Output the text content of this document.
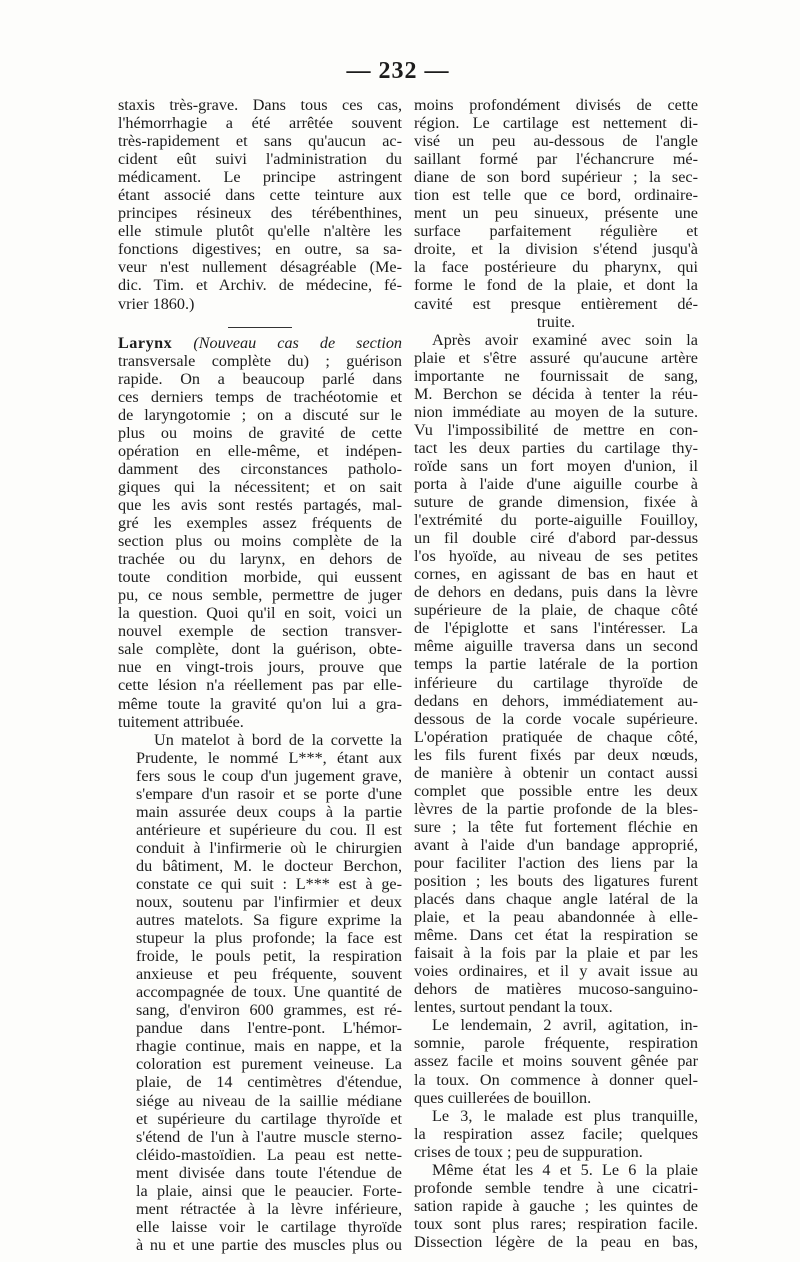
— 232 —

staxis très-grave. Dans tous ces cas,
l'hémorrhagie a été arrêtée souvent
très-rapidement et sans qu'aucun ac-
cident eût suivi l'administration du
médicament. Le principe astringent
étant associé dans cette teinture aux
principes résineux des térébenthines,
elle stimule plutôt qu'elle n'altère les
fonctions digestives; en outre, sa sa-
veur n'est nullement désagréable (Me-
dic. Tim. et Archiv. de médecine, fé-
vrier 1860.)

Larynx (Nouveau cas de section
transversale complète du) ; guérison
rapide. On a beaucoup parlé dans
ces derniers temps de trachéotomie et
de laryngotomie ; on a discuté sur le
plus ou moins de gravité de cette
opération en elle-même, et indépen-
damment des circonstances patholo-
giques qui la nécessitent; et on sait
que les avis sont restés partagés, mal-
gré les exemples assez fréquents de
section plus ou moins complète de la
trachée ou du larynx, en dehors de
toute condition morbide, qui eussent
pu, ce nous semble, permettre de juger
la question. Quoi qu'il en soit, voici un
nouvel exemple de section transver-
sale complète, dont la guérison, obte-
nue en vingt-trois jours, prouve que
cette lésion n'a réellement pas par elle-
même toute la gravité qu'on lui a gra-
tuitement attribuée.

Un matelot à bord de la corvette la
Prudente, le nommé L***, étant aux
fers sous le coup d'un jugement grave,
s'empare d'un rasoir et se porte d'une
main assurée deux coups à la partie
antérieure et supérieure du cou. Il est
conduit à l'infirmerie où le chirurgien
du bâtiment, M. le docteur Berchon,
constate ce qui suit : L*** est à ge-
noux, soutenu par l'infirmier et deux
autres matelots. Sa figure exprime la
stupeur la plus profonde; la face est
froide, le pouls petit, la respiration
anxieuse et peu fréquente, souvent
accompagnée de toux. Une quantité de
sang, d'environ 600 grammes, est ré-
pandue dans l'entre-pont. L'hémor-
rhagie continue, mais en nappe, et la
coloration est purement veineuse. La
plaie, de 14 centimètres d'étendue,
siége au niveau de la saillie médiane
et supérieure du cartilage thyroïde et
s'étend de l'un à l'autre muscle sterno-
cléido-mastoïdien. La peau est nette-
ment divisée dans toute l'étendue de
la plaie, ainsi que le peaucier. Forte-
ment rétractée à la lèvre inférieure,
elle laisse voir le cartilage thyroïde
à nu et une partie des muscles plus ou

moins profondément divisés de cette
région. Le cartilage est nettement di-
visé un peu au-dessous de l'angle
saillant formé par l'échancrure mé-
diane de son bord supérieur ; la sec-
tion est telle que ce bord, ordinaire-
ment un peu sinueux, présente une
surface parfaitement régulière et
droite, et la division s'étend jusqu'à
la face postérieure du pharynx, qui
forme le fond de la plaie, et dont la
cavité est presque entièrement dé-
truite.

Après avoir examiné avec soin la
plaie et s'être assuré qu'aucune artère
importante ne fournissait de sang,
M. Berchon se décida à tenter la réu-
nion immédiate au moyen de la suture.
Vu l'impossibilité de mettre en con-
tact les deux parties du cartilage thy-
roïde sans un fort moyen d'union, il
porta à l'aide d'une aiguille courbe à
suture de grande dimension, fixée à
l'extrémité du porte-aiguille Fouilloy,
un fil double ciré d'abord par-dessus
l'os hyoïde, au niveau de ses petites
cornes, en agissant de bas en haut et
de dehors en dedans, puis dans la lèvre
supérieure de la plaie, de chaque côté
de l'épiglotte et sans l'intéresser. La
même aiguille traversa dans un second
temps la partie latérale de la portion
inférieure du cartilage thyroïde de
dedans en dehors, immédiatement au-
dessous de la corde vocale supérieure.
L'opération pratiquée de chaque côté,
les fils furent fixés par deux nœuds,
de manière à obtenir un contact aussi
complet que possible entre les deux
lèvres de la partie profonde de la bles-
sure ; la tête fut fortement fléchie en
avant à l'aide d'un bandage approprié,
pour faciliter l'action des liens par la
position ; les bouts des ligatures furent
placés dans chaque angle latéral de la
plaie, et la peau abandonnée à elle-
même. Dans cet état la respiration se
faisait à la fois par la plaie et par les
voies ordinaires, et il y avait issue au
dehors de matières mucoso-sanguino-
lentes, surtout pendant la toux.

Le lendemain, 2 avril, agitation, in-
somnie, parole fréquente, respiration
assez facile et moins souvent gênée par
la toux. On commence à donner quel-
ques cuillerées de bouillon.

Le 3, le malade est plus tranquille,
la respiration assez facile; quelques
crises de toux ; peu de suppuration.

Même état les 4 et 5. Le 6 la plaie
profonde semble tendre à une cicatri-
sation rapide à gauche ; les quintes de
toux sont plus rares; respiration facile.
Dissection légère de la peau en bas,
